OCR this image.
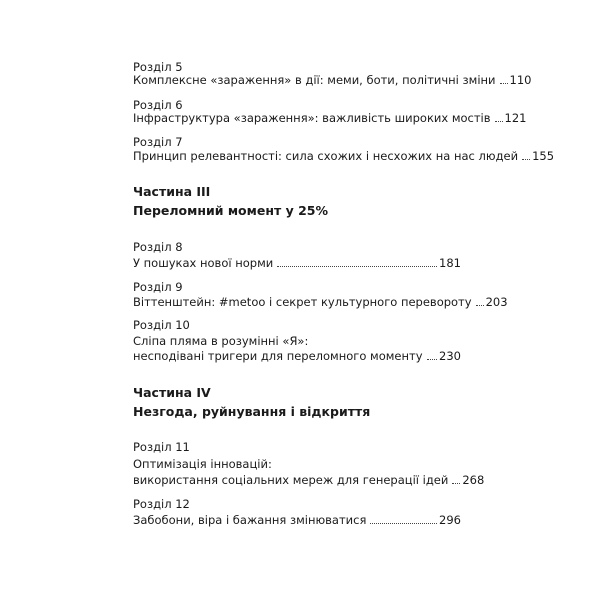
Розділ 5
Комплексне «зараження» в дії: меми, боти, політичні зміни 110
Розділ 6
Інфраструктура «зараження»: важливість широких мостів 121
Розділ 7
Принцип релевантності: сила схожих і несхожих на нас людей 155
Частина III
Переломний момент у 25%
Розділ 8
У пошуках нової норми	181
Розділ 9
Віттенштейн: #metoo і секрет культурного перевороту 203
Розділ 10
Сліпа пляма в розумінні «Я»:
несподівані тригери для переломного моменту 230
Частина IV
Незгода, руйнування і відкриття
Розділ 11
Оптимізація інновацій:
використання соціальних мереж для генерації ідей 268
Розділ 12
Забобони, віра і бажання змінюватися	296
